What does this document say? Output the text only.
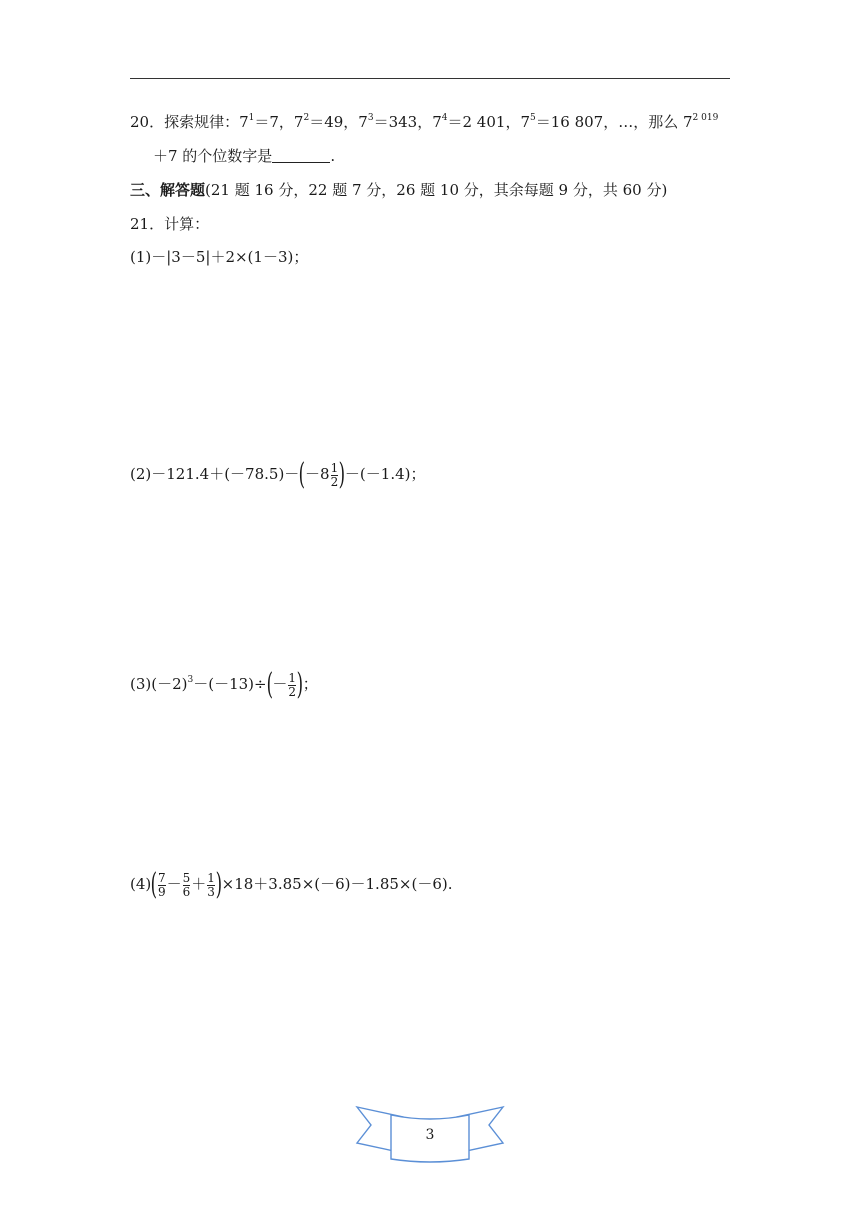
20．探索规律：$7^1=7$，$7^2=49$，$7^3=343$，$7^4=2$ 401，$7^5=16$ 807，…，那么 $7^{2 019}$
＋7 的个位数字是	.
三、解答题(21 题 16 分，22 题 7 分，26 题 10 分，其余每题 9 分，共 60 分)
21．计算：
(1)－|3－5|＋2×(1－3)；
$(2)-121.4+(-78.5)-(-8 \frac{1}{2} )-(-1.4)$；
$(3)(-2)^3-(-13)\div(- \frac{1}{2}$ )；
$(4)( \frac{7}{9} - \frac{5}{6} + \frac{1}{3} )\times 18+3.85\times(-6)-1.85\times(-6)$.
3
